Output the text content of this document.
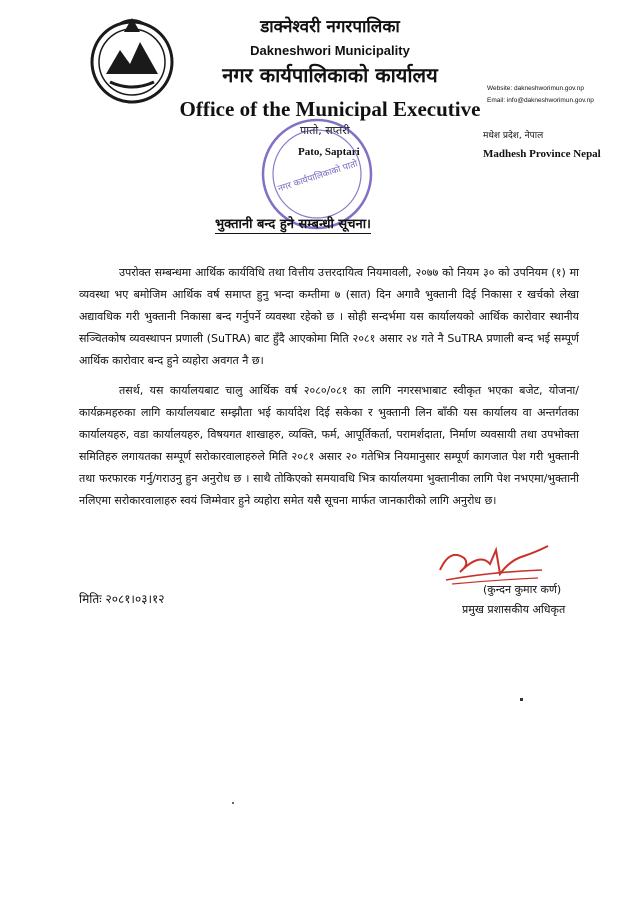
डाक्नेश्वरी नगरपालिका
Dakneshwori Municipality
नगर कार्यपालिकाको कार्यालय
Office of the Municipal Executive
पातो, सप्तरी
Pato, Saptari
Website: dakneshworimun.gov.np
Email: info@dakneshworimun.gov.np
मधेश प्रदेश, नेपाल
Madhesh Province Nepal
नगर कार्यपालिकाको पातो
भुक्तानी बन्द हुने सम्बन्धी सूचना।
उपरोक्त सम्बन्धमा आर्थिक कार्यविधि तथा वित्तीय उत्तरदायित्व नियमावली, २०७७ को नियम ३० को उपनियम (१) मा व्यवस्था भए बमोजिम आर्थिक वर्ष समाप्त हुनु भन्दा कम्तीमा ७ (सात) दिन अगावै भुक्तानी दिई निकासा र खर्चको लेखा अद्यावधिक गरी भुक्तानी निकासा बन्द गर्नुपर्ने व्यवस्था रहेको छ । सोही सन्दर्भमा यस कार्यालयको आर्थिक कारोवार स्थानीय सञ्चितकोष व्यवस्थापन प्रणाली (SuTRA) बाट हुँदै आएकोमा मिति २०८१ असार २४ गते नै SuTRA प्रणाली बन्द भई सम्पूर्ण आर्थिक कारोवार बन्द हुने व्यहोरा अवगत नै छ।
तसर्थ, यस कार्यालयबाट चालु आर्थिक वर्ष २०८०/०८१ का लागि नगरसभाबाट स्वीकृत भएका बजेट, योजना/कार्यक्रमहरुका लागि कार्यालयबाट सम्झौता भई कार्यादेश दिई सकेका र भुक्तानी लिन बाँकी यस कार्यालय वा अन्तर्गतका कार्यालयहरु, वडा कार्यालयहरु, विषयगत शाखाहरु, व्यक्ति, फर्म, आपूर्तिकर्ता, परामर्शदाता, निर्माण व्यवसायी तथा उपभोक्ता समितिहरु लगायतका सम्पूर्ण सरोकारवालाहरुले मिति २०८१ असार २० गतेभित्र नियमानुसार सम्पूर्ण कागजात पेश गरी भुक्तानी तथा फरफारक गर्नु/गराउनु हुन अनुरोध छ । साथै तोकिएको समयावधि भित्र कार्यालयमा भुक्तानीका लागि पेश नभएमा/भुक्तानी नलिएमा सरोकारवालाहरु स्वयं जिम्मेवार हुने व्यहोरा समेत यसै सूचना मार्फत जानकारीको लागि अनुरोध छ।
मितिः २०८१।०३।१२
(कुन्दन कुमार कर्ण)
प्रमुख प्रशासकीय अधिकृत
